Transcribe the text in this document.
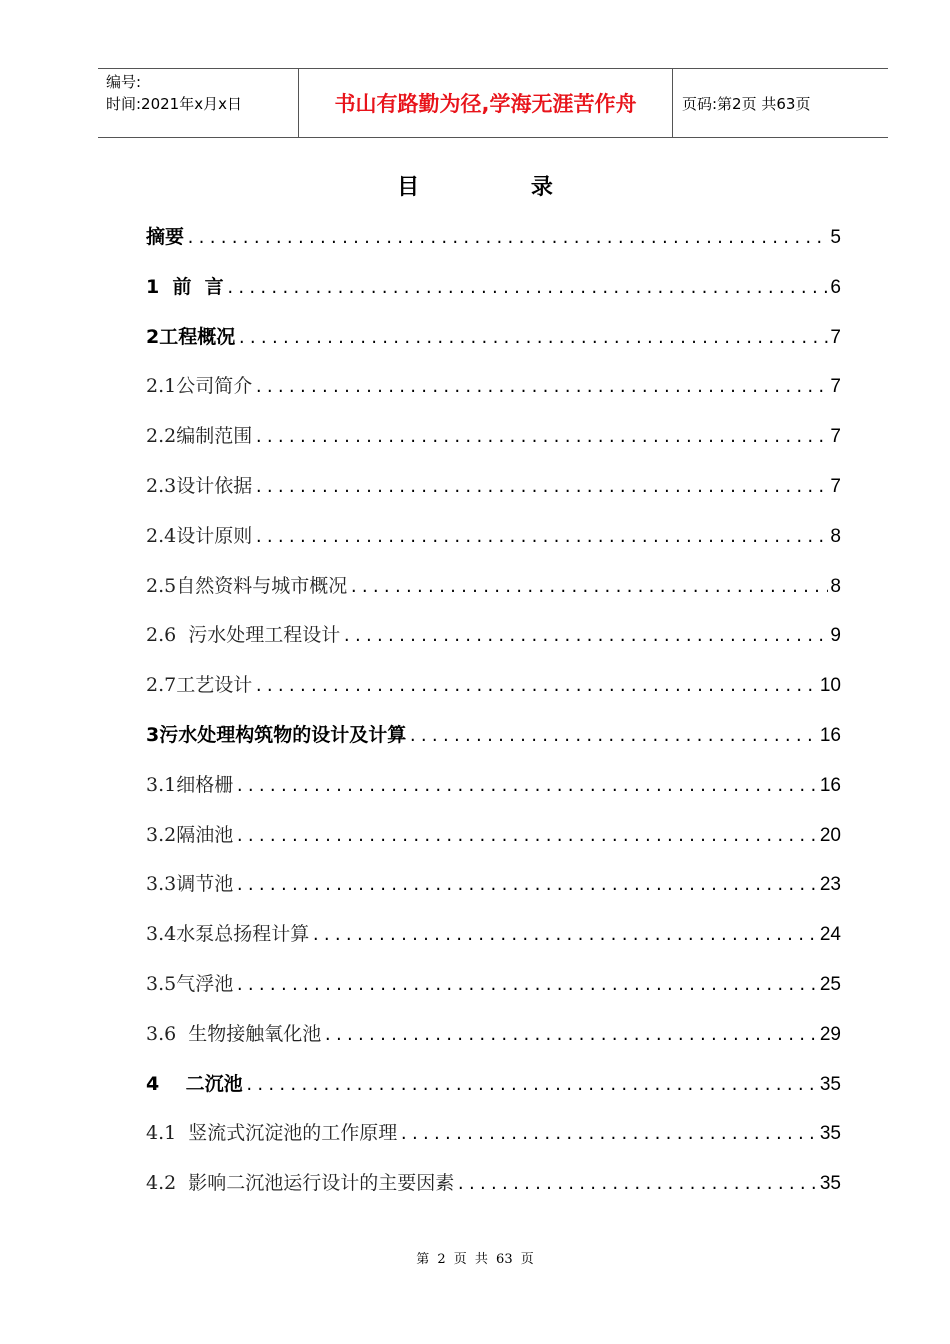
编号:
时间:2021年x月x日	书山有路勤为径,学海无涯苦作舟	页码:第2页 共63页
目 录
摘要 .....	5
1  前  言 .....	6
2工程概况 .....	7
2.1公司简介 .....	7
2.2编制范围 .....	7
2.3设计依据 .....	7
2.4设计原则 .....	8
2.5自然资料与城市概况 .....	8
2.6  污水处理工程设计 .....	9
2.7工艺设计 .....	10
3污水处理构筑物的设计及计算 .....	16
3.1细格栅 .....	16
3.2隔油池 .....	20
3.3调节池 .....	23
3.4水泵总扬程计算 .....	24
3.5气浮池 .....	25
3.6  生物接触氧化池 .....	29
4    二沉池 .....	35
4.1  竖流式沉淀池的工作原理 .....	35
4.2  影响二沉池运行设计的主要因素 .....	35
第 2 页 共 63 页
